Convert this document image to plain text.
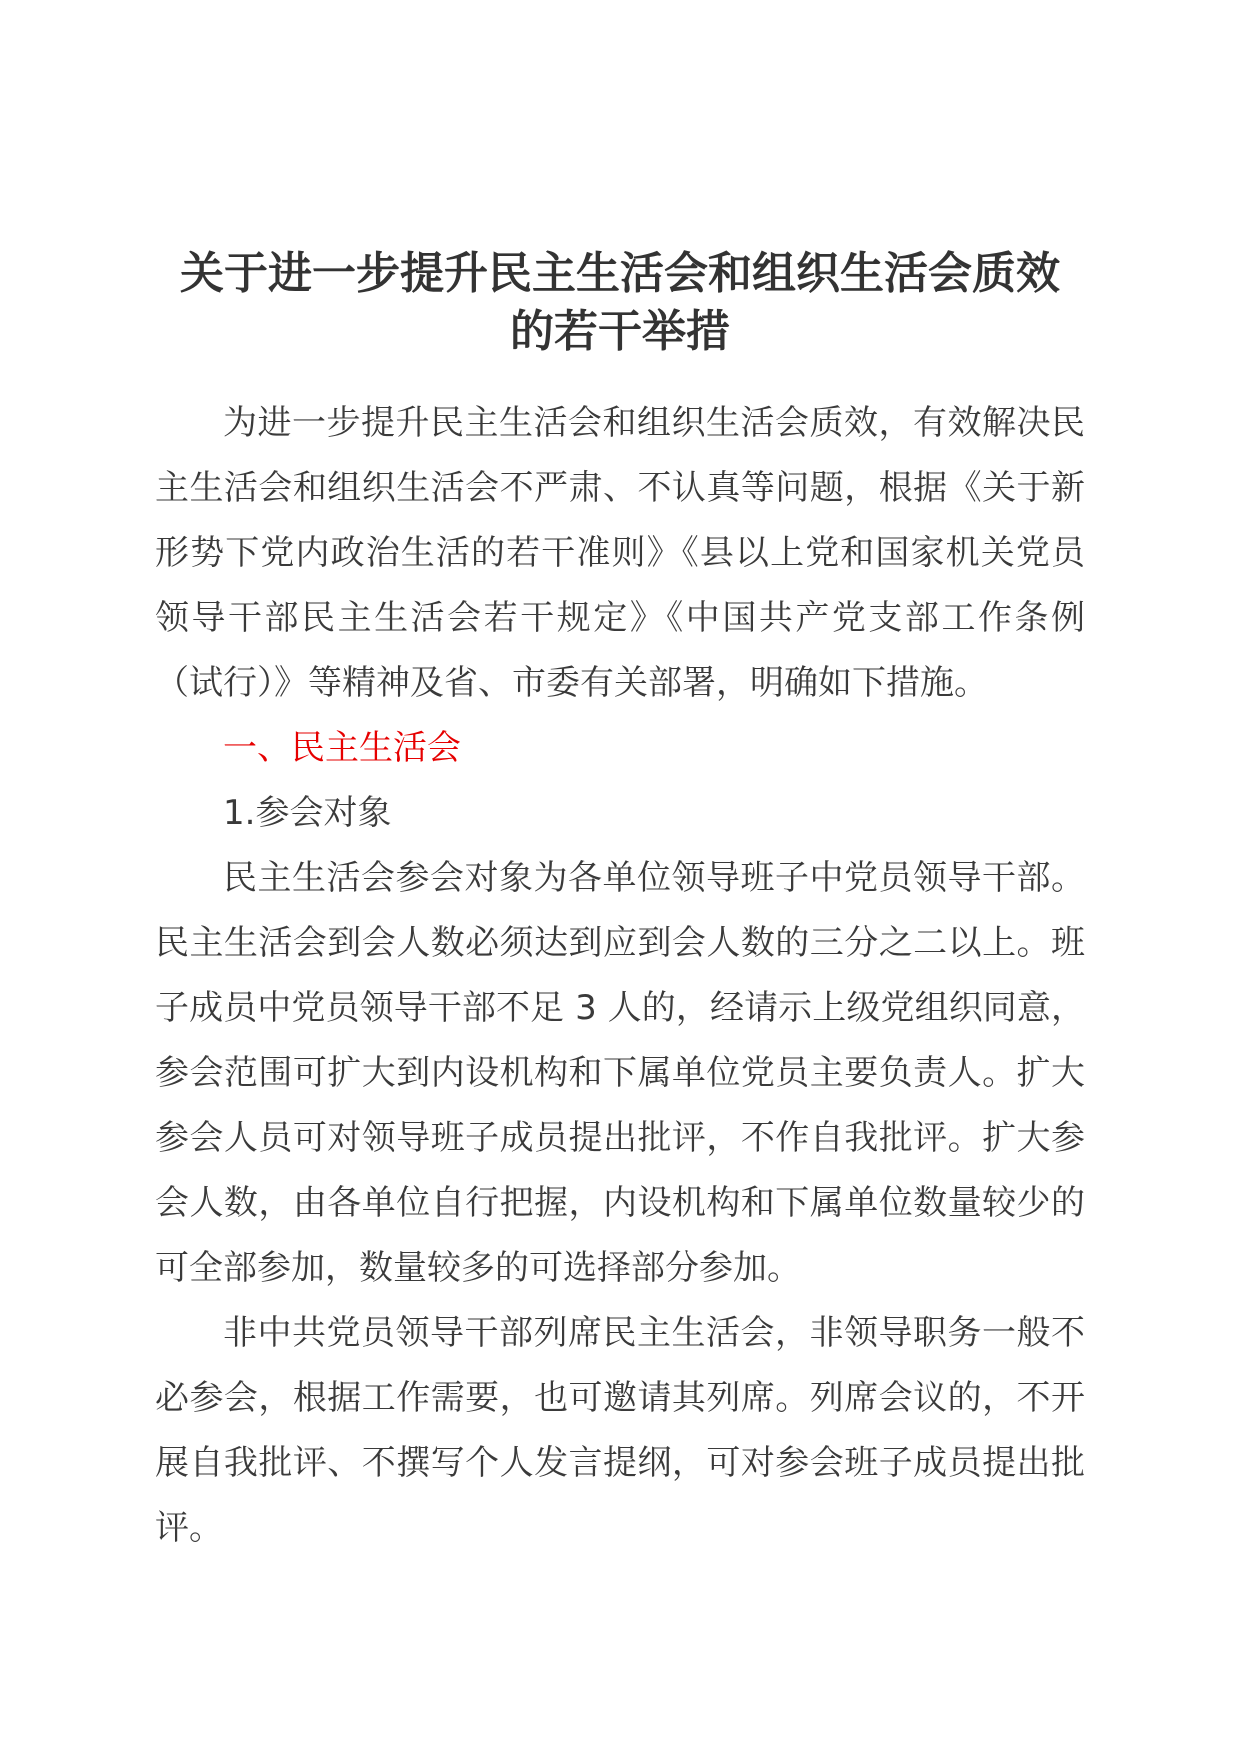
关于进一步提升民主生活会和组织生活会质效
的若干举措

为进一步提升民主生活会和组织生活会质效，有效解决民主生活会和组织生活会不严肃、不认真等问题，根据《关于新形势下党内政治生活的若干准则》《县以上党和国家机关党员领导干部民主生活会若干规定》《中国共产党支部工作条例（试行）》等精神及省、市委有关部署，明确如下措施。

一、民主生活会

1.参会对象

民主生活会参会对象为各单位领导班子中党员领导干部。民主生活会到会人数必须达到应到会人数的三分之二以上。班子成员中党员领导干部不足 3 人的，经请示上级党组织同意，参会范围可扩大到内设机构和下属单位党员主要负责人。扩大参会人员可对领导班子成员提出批评，不作自我批评。扩大参会人数，由各单位自行把握，内设机构和下属单位数量较少的可全部参加，数量较多的可选择部分参加。

非中共党员领导干部列席民主生活会，非领导职务一般不必参会，根据工作需要，也可邀请其列席。列席会议的，不开展自我批评、不撰写个人发言提纲，可对参会班子成员提出批评。
